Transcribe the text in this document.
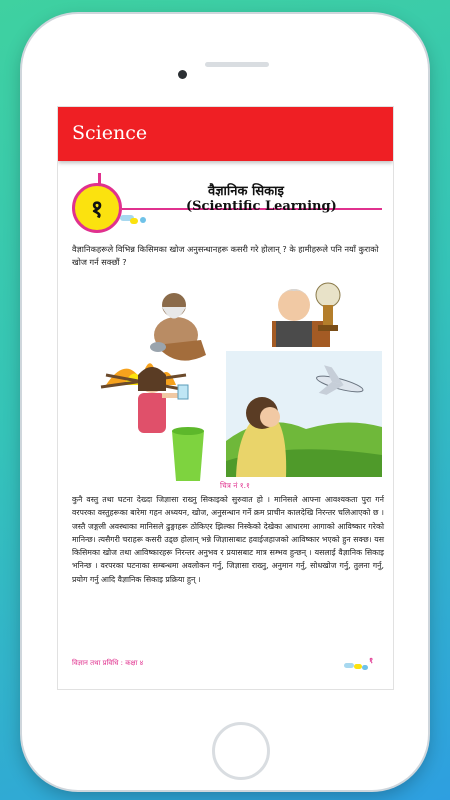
Science
१
वैज्ञानिक सिकाइ
(Scientific Learning)
वैज्ञानिकहरूले विभिन्न किसिमका खोज अनुसन्धानहरू कसरी गरे होलान् ? के हामीहरूले पनि नयाँ कुराको खोज गर्न सक्छौं ?
चित्र नं १.१
कुनै वस्तु तथा घटना देख्दा जिज्ञासा राख्नु सिकाइको सुरुवात हो । मानिसले आफ्ना आवश्यकता पुरा गर्न वरपरका वस्तुहरूका बारेमा गहन अध्ययन, खोज, अनुसन्धान गर्ने क्रम प्राचीन कालदेखि निरन्तर चलिआएको छ । जस्तै जङ्गली अवस्थाका मानिसले ढुङ्गाहरू ठोकिएर झिल्का निस्केको देखेका आधारमा आगाको आविष्कार गरेको मानिन्छ। त्यसैगरी चराहरू कसरी उड्छ होलान् भन्ने जिज्ञासाबाट हवाईजहाजको आविष्कार भएको हुन सक्छ। यस किसिमका खोज तथा आविष्कारहरू निरन्तर अनुभव र प्रयासबाट मात्र सम्भव हुन्छन् । यसलाई वैज्ञानिक सिकाइ भनिन्छ । वरपरका घटनाका सम्बन्धमा अवलोकन गर्नु, जिज्ञासा राख्नु, अनुमान गर्नु, सोधखोज गर्नु, तुलना गर्नु, प्रयोग गर्नु आदि वैज्ञानिक सिकाइ प्रक्रिया हुन् ।
विज्ञान तथा प्रविधि : कक्षा ४	१
